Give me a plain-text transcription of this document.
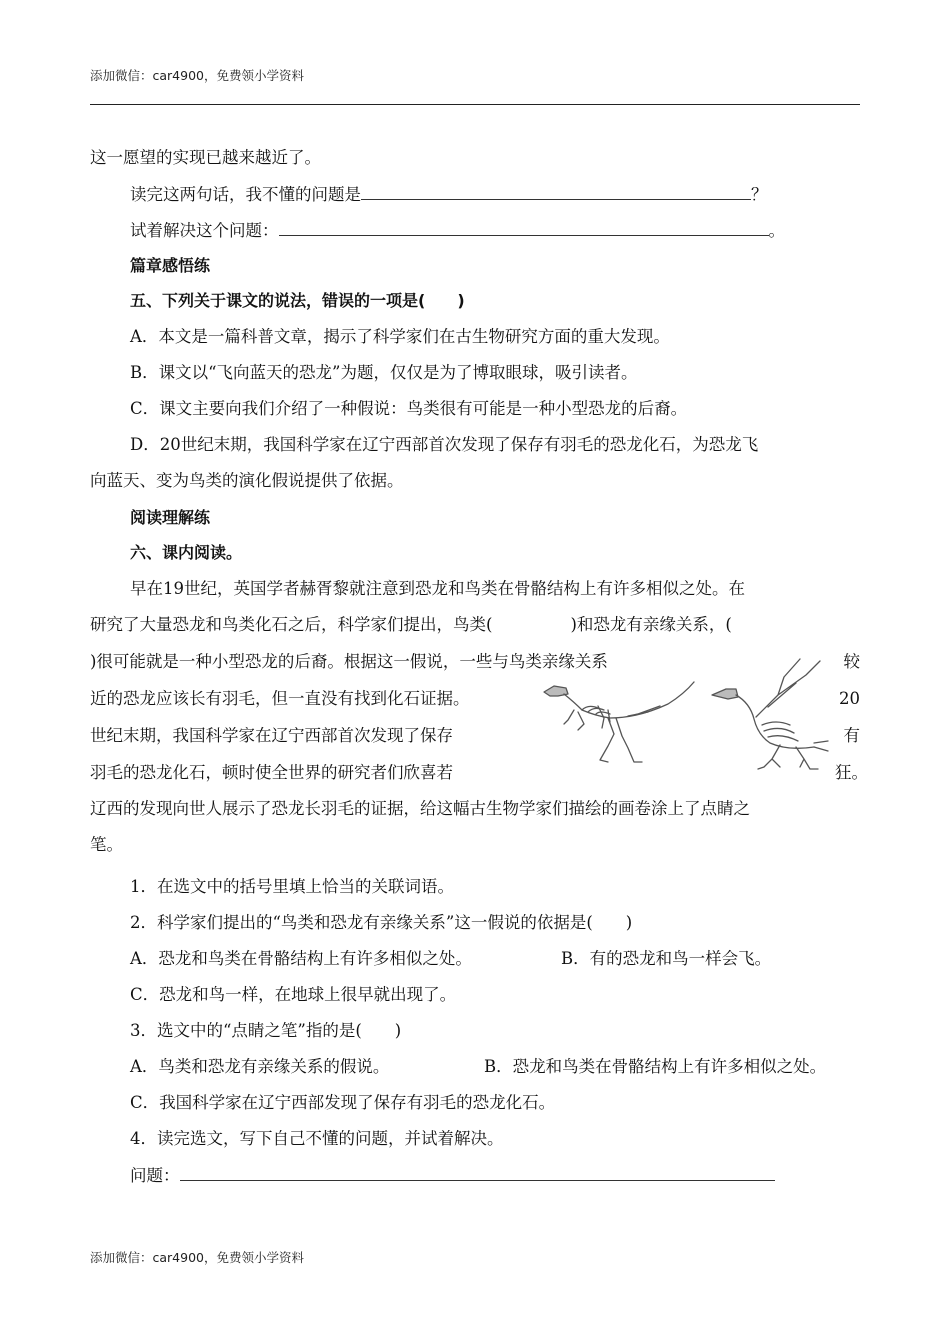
添加微信：car4900，免费领小学资料
这一愿望的实现已越来越近了。
读完这两句话，我不懂的问题是	？
试着解决这个问题：	。
篇章感悟练
五、下列关于课文的说法，错误的一项是(　　)
A．本文是一篇科普文章，揭示了科学家们在古生物研究方面的重大发现。
B．课文以“飞向蓝天的恐龙”为题，仅仅是为了博取眼球，吸引读者。
C．课文主要向我们介绍了一种假说：鸟类很有可能是一种小型恐龙的后裔。
D．20世纪末期，我国科学家在辽宁西部首次发现了保存有羽毛的恐龙化石，为恐龙飞
向蓝天、变为鸟类的演化假说提供了依据。
阅读理解练
六、课内阅读。
早在19世纪，英国学者赫胥黎就注意到恐龙和鸟类在骨骼结构上有许多相似之处。在
研究了大量恐龙和鸟类化石之后，科学家们提出，鸟类(	)和恐龙有亲缘关系，(
)很可能就是一种小型恐龙的后裔。根据这一假说，一些与鸟类亲缘关系	较
近的恐龙应该长有羽毛，但一直没有找到化石证据。	20
世纪末期，我国科学家在辽宁西部首次发现了保存	有
羽毛的恐龙化石，顿时使全世界的研究者们欣喜若	狂。
辽西的发现向世人展示了恐龙长羽毛的证据，给这幅古生物学家们描绘的画卷涂上了点睛之
笔。
1．在选文中的括号里填上恰当的关联词语。
2．科学家们提出的“鸟类和恐龙有亲缘关系”这一假说的依据是(　　)
A．恐龙和鸟类在骨骼结构上有许多相似之处。	B．有的恐龙和鸟一样会飞。
C．恐龙和鸟一样，在地球上很早就出现了。
3．选文中的“点睛之笔”指的是(　　)
A．鸟类和恐龙有亲缘关系的假说。	B．恐龙和鸟类在骨骼结构上有许多相似之处。
C．我国科学家在辽宁西部发现了保存有羽毛的恐龙化石。
4．读完选文，写下自己不懂的问题，并试着解决。
问题：
添加微信：car4900，免费领小学资料
